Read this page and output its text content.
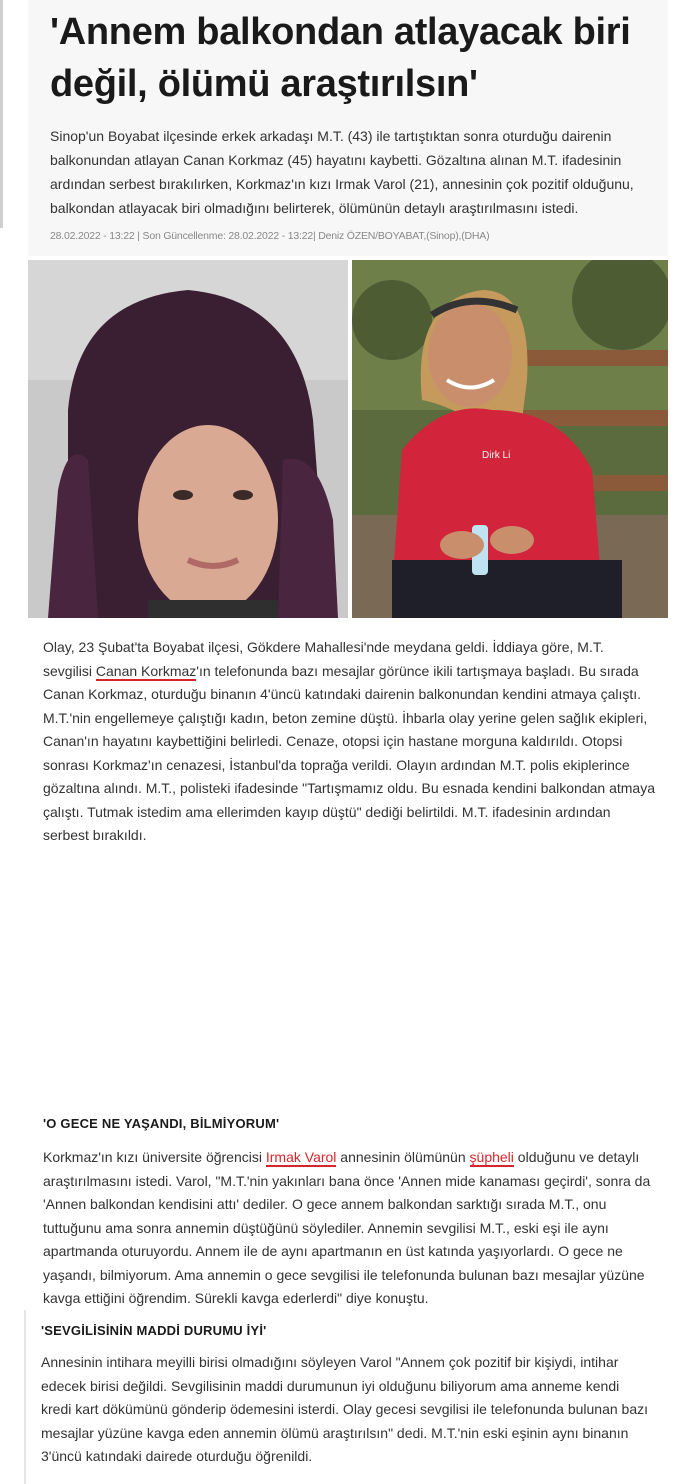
'Annem balkondan atlayacak biri değil, ölümü araştırılsın'

Sinop'un Boyabat ilçesinde erkek arkadaşı M.T. (43) ile tartıştıktan sonra oturduğu dairenin balkonundan atlayan Canan Korkmaz (45) hayatını kaybetti. Gözaltına alınan M.T. ifadesinin ardından serbest bırakılırken, Korkmaz'ın kızı Irmak Varol (21), annesinin çok pozitif olduğunu, balkondan atlayacak biri olmadığını belirterek, ölümünün detaylı araştırılmasını istedi.

28.02.2022 - 13:22 | Son Güncellenme: 28.02.2022 - 13:22| Deniz ÖZEN/BOYABAT,(Sinop),(DHA)
Dirk Li

Olay, 23 Şubat'ta Boyabat ilçesi, Gökdere Mahallesi'nde meydana geldi. İddiaya göre, M.T. sevgilisi Canan Korkmaz'ın telefonunda bazı mesajlar görünce ikili tartışmaya başladı. Bu sırada Canan Korkmaz, oturduğu binanın 4'üncü katındaki dairenin balkonundan kendini atmaya çalıştı. M.T.'nin engellemeye çalıştığı kadın, beton zemine düştü. İhbarla olay yerine gelen sağlık ekipleri, Canan'ın hayatını kaybettiğini belirledi. Cenaze, otopsi için hastane morguna kaldırıldı. Otopsi sonrası Korkmaz'ın cenazesi, İstanbul'da toprağa verildi. Olayın ardından M.T. polis ekiplerince gözaltına alındı. M.T., polisteki ifadesinde "Tartışmamız oldu. Bu esnada kendini balkondan atmaya çalıştı. Tutmak istedim ama ellerimden kayıp düştü" dediği belirtildi. M.T. ifadesinin ardından serbest bırakıldı.

'O GECE NE YAŞANDI, BİLMİYORUM'

Korkmaz'ın kızı üniversite öğrencisi Irmak Varol annesinin ölümünün şüpheli olduğunu ve detaylı araştırılmasını istedi. Varol, "M.T.'nin yakınları bana önce 'Annen mide kanaması geçirdi', sonra da 'Annen balkondan kendisini attı' dediler. O gece annem balkondan sarktığı sırada M.T., onu tuttuğunu ama sonra annemin düştüğünü söylediler. Annemin sevgilisi M.T., eski eşi ile aynı apartmanda oturuyordu. Annem ile de aynı apartmanın en üst katında yaşıyorlardı. O gece ne yaşandı, bilmiyorum. Ama annemin o gece sevgilisi ile telefonunda bulunan bazı mesajlar yüzüne kavga ettiğini öğrendim. Sürekli kavga ederlerdi" diye konuştu.

'SEVGİLİSİNİN MADDİ DURUMU İYİ'

Annesinin intihara meyilli birisi olmadığını söyleyen Varol "Annem çok pozitif bir kişiydi, intihar edecek birisi değildi. Sevgilisinin maddi durumunun iyi olduğunu biliyorum ama anneme kendi kredi kart dökümünü gönderip ödemesini isterdi. Olay gecesi sevgilisi ile telefonunda bulunan bazı mesajlar yüzüne kavga eden annemin ölümü araştırılsın" dedi. M.T.'nin eski eşinin aynı binanın 3'üncü katındaki dairede oturduğu öğrenildi.
